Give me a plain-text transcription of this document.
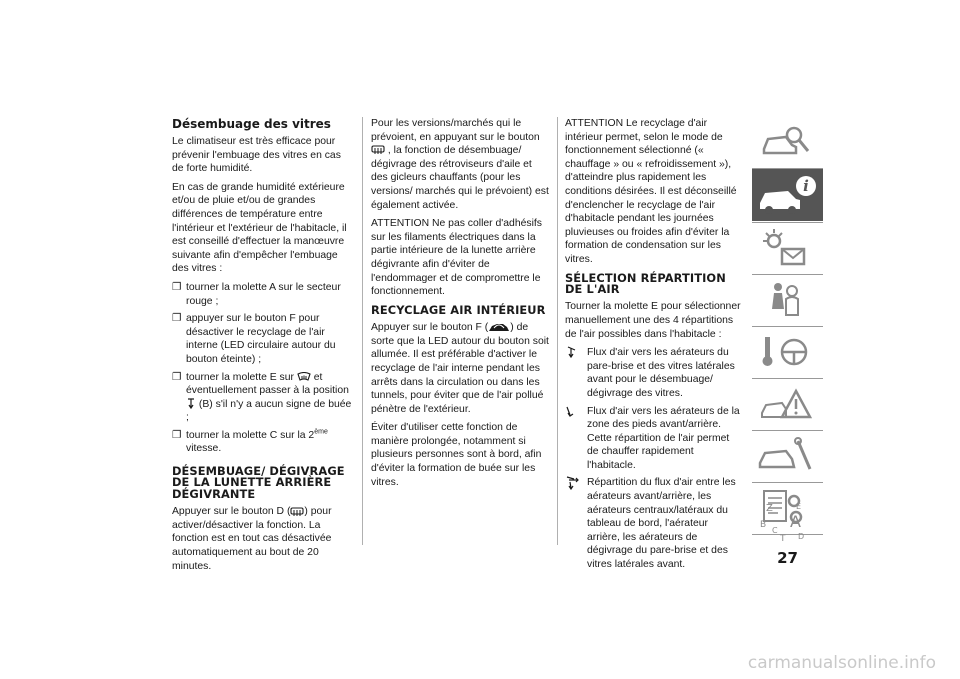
Désembuage des vitres

Le climatiseur est très efficace pour prévenir l'embuage des vitres en cas de forte humidité.

En cas de grande humidité extérieure et/ou de pluie et/ou de grandes différences de température entre l'intérieur et l'extérieur de l'habitacle, il est conseillé d'effectuer la manœuvre suivante afin d'empêcher l'embuage des vitres :

❐ tourner la molette A sur le secteur rouge ;
❐ appuyer sur le bouton F pour désactiver le recyclage de l'air interne (LED circulaire autour du bouton éteinte) ;
❐ tourner la molette E sur et éventuellement passer à la position  (B) s'il n'y a aucun signe de buée ;
❐ tourner la molette C sur la 2ème vitesse.
DÉSEMBUAGE/ DÉGIVRAGE DE LA LUNETTE ARRIÈRE DÉGIVRANTE

Appuyer sur le bouton D ( ) pour activer/désactiver la fonction. La fonction est en tout cas désactivée automatiquement au bout de 20 minutes.

Pour les versions/marchés qui le prévoient, en appuyant sur le bouton  , la fonction de désembuage/ dégivrage des rétroviseurs d'aile et des gicleurs chauffants (pour les versions/ marchés qui le prévoient) est également activée.

ATTENTION Ne pas coller d'adhésifs sur les filaments électriques dans la partie intérieure de la lunette arrière dégivrante afin d'éviter de l'endommager et de compromettre le fonctionnement.

RECYCLAGE AIR INTÉRIEUR

Appuyer sur le bouton F ( ) de sorte que la LED autour du bouton soit allumée. Il est préférable d'activer le recyclage de l'air interne pendant les arrêts dans la circulation ou dans les tunnels, pour éviter que de l'air pollué pénètre de l'extérieur.

Éviter d'utiliser cette fonction de manière prolongée, notamment si plusieurs personnes sont à bord, afin d'éviter la formation de buée sur les vitres.

ATTENTION Le recyclage d'air intérieur permet, selon le mode de fonctionnement sélectionné (« chauffage » ou « refroidissement »), d'atteindre plus rapidement les conditions désirées. Il est déconseillé d'enclencher le recyclage de l'air d'habitacle pendant les journées pluvieuses ou froides afin d'éviter la formation de condensation sur les vitres.

SÉLECTION RÉPARTITION DE L'AIR

Tourner la molette E pour sélectionner manuellement une des 4 répartitions de l'air possibles dans l'habitacle :

Flux d'air vers les aérateurs du pare-brise et des vitres latérales avant pour le désembuage/ dégivrage des vitres.
Flux d'air vers les aérateurs de la zone des pieds avant/arrière. Cette répartition de l'air permet de chauffer rapidement l'habitacle.
Répartition du flux d'air entre les aérateurs avant/arrière, les aérateurs centraux/latéraux du tableau de bord, l'aérateur arrière, les aérateurs de dégivrage du pare-brise et des vitres latérales avant.
i
Z	E
B A
C
T D
27
carmanualsonline.info
